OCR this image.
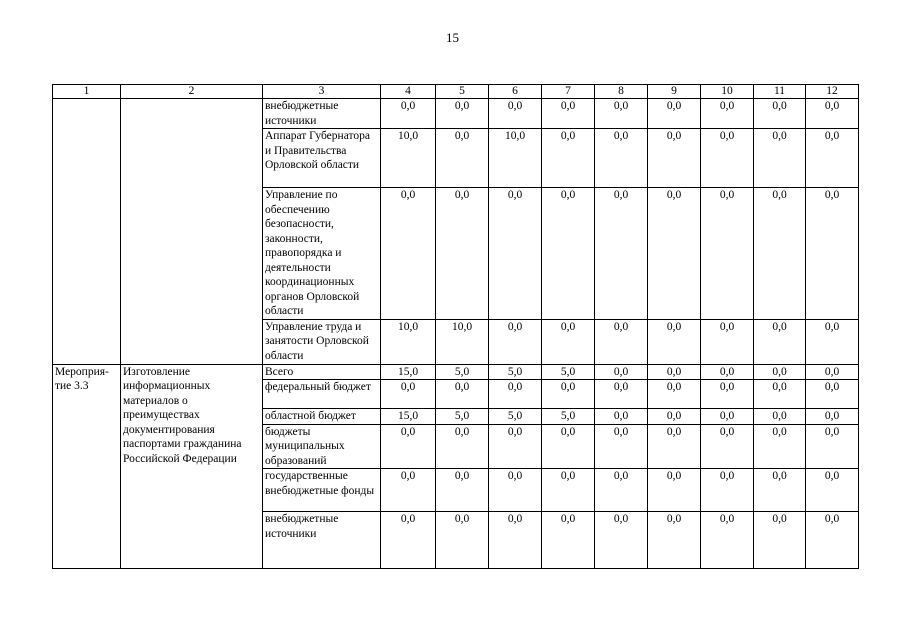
15
1	2	3	4	5	6	7	8	9	10	11	12
		внебюджетные источники	0,0	0,0	0,0	0,0	0,0	0,0	0,0	0,0	0,0
		Аппарат Губернатора и Правительства Орловской области	10,0	0,0	10,0	0,0	0,0	0,0	0,0	0,0	0,0
		Управление по обеспечению безопасности, законности, правопорядка и деятельности координационных органов Орловской области	0,0	0,0	0,0	0,0	0,0	0,0	0,0	0,0	0,0
		Управление труда и занятости Орловской области	10,0	10,0	0,0	0,0	0,0	0,0	0,0	0,0	0,0
Мероприя-тие 3.3	Изготовление информационных материалов о преимуществах документирования паспортами гражданина Российской Федерации	Всего	15,0	5,0	5,0	5,0	0,0	0,0	0,0	0,0	0,0
		федеральный бюджет	0,0	0,0	0,0	0,0	0,0	0,0	0,0	0,0	0,0
		областной бюджет	15,0	5,0	5,0	5,0	0,0	0,0	0,0	0,0	0,0
		бюджеты муниципальных образований	0,0	0,0	0,0	0,0	0,0	0,0	0,0	0,0	0,0
		государственные внебюджетные фонды	0,0	0,0	0,0	0,0	0,0	0,0	0,0	0,0	0,0
		внебюджетные источники	0,0	0,0	0,0	0,0	0,0	0,0	0,0	0,0	0,0
